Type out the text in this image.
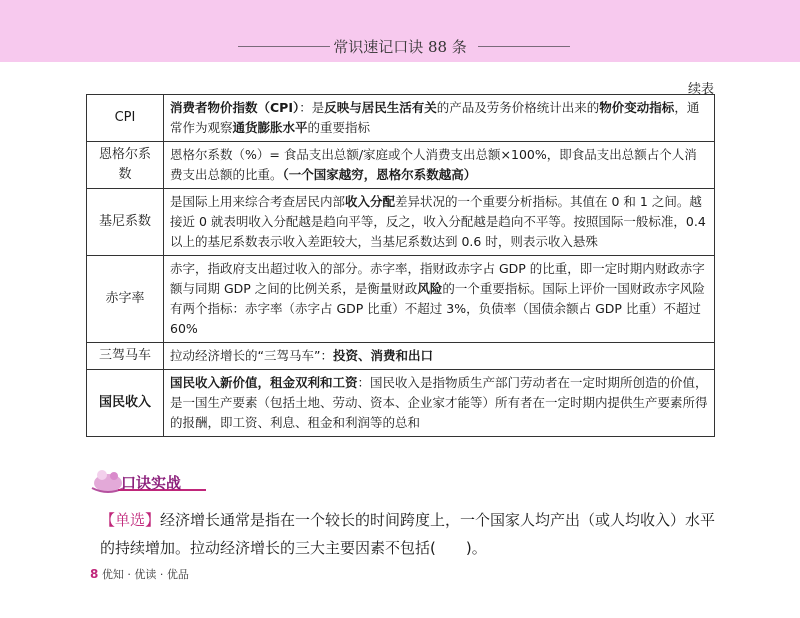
常识速记口诀 88 条
续表
CPI	消费者物价指数（CPI）：是反映与居民生活有关的产品及劳务价格统计出来的物价变动指标，通常作为观察通货膨胀水平的重要指标
恩格尔系数	恩格尔系数（%）= 食品支出总额/家庭或个人消费支出总额×100%，即食品支出总额占个人消费支出总额的比重。（一个国家越穷，恩格尔系数越高）
基尼系数	是国际上用来综合考查居民内部收入分配差异状况的一个重要分析指标。其值在 0 和 1 之间。越接近 0 就表明收入分配越是趋向平等，反之，收入分配越是趋向不平等。按照国际一般标准，0.4 以上的基尼系数表示收入差距较大，当基尼系数达到 0.6 时，则表示收入悬殊
赤字率	赤字，指政府支出超过收入的部分。赤字率，指财政赤字占 GDP 的比重，即一定时期内财政赤字额与同期 GDP 之间的比例关系，是衡量财政风险的一个重要指标。国际上评价一国财政赤字风险有两个指标：赤字率（赤字占 GDP 比重）不超过 3%，负债率（国债余额占 GDP 比重）不超过 60%
三驾马车	拉动经济增长的“三驾马车”：投资、消费和出口
国民收入	国民收入新价值，租金双利和工资：国民收入是指物质生产部门劳动者在一定时期所创造的价值，是一国生产要素（包括土地、劳动、资本、企业家才能等）所有者在一定时期内提供生产要素所得的报酬，即工资、利息、租金和利润等的总和
口诀实战
【单选】经济增长通常是指在一个较长的时间跨度上，一个国家人均产出（或人均收入）水平的持续增加。拉动经济增长的三大主要因素不包括(　　)。
8 优知 · 优读 · 优品
